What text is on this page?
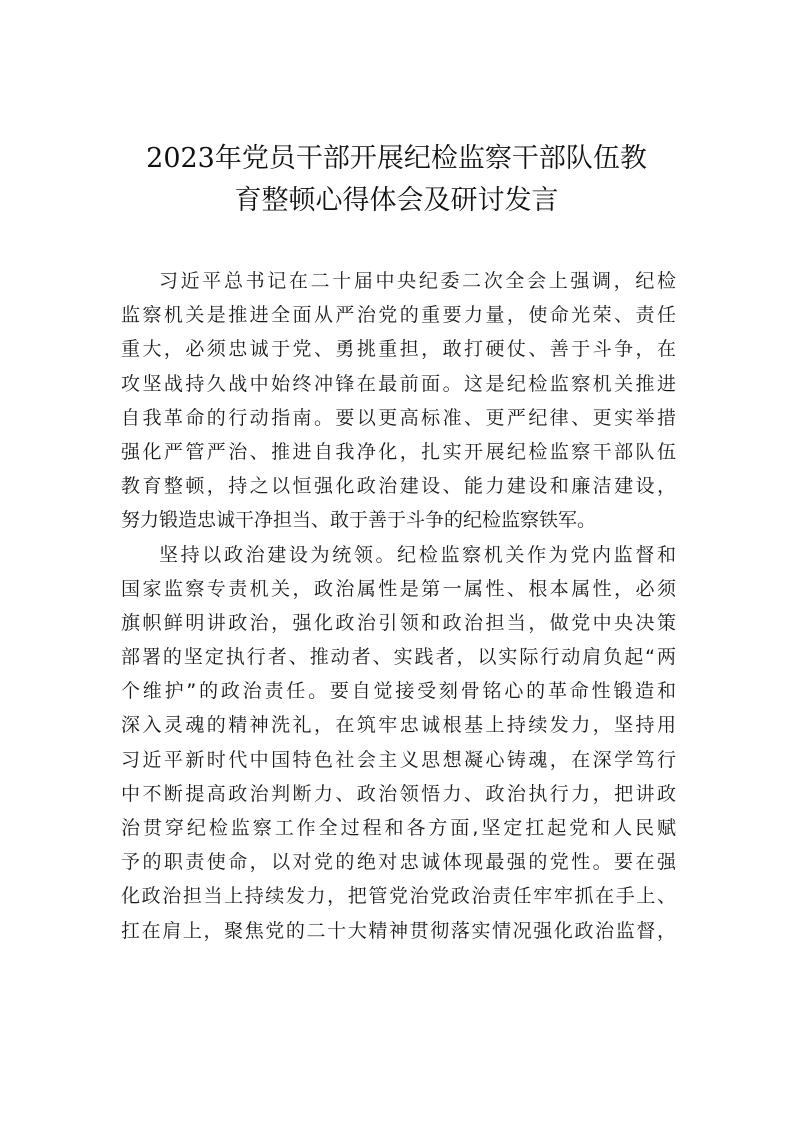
2023年党员干部开展纪检监察干部队伍教
育整顿心得体会及研讨发言
习近平总书记在二十届中央纪委二次全会上强调，纪检
监察机关是推进全面从严治党的重要力量，使命光荣、责任
重大，必须忠诚于党、勇挑重担，敢打硬仗、善于斗争，在
攻坚战持久战中始终冲锋在最前面。这是纪检监察机关推进
自我革命的行动指南。要以更高标准、更严纪律、更实举措
强化严管严治、推进自我净化，扎实开展纪检监察干部队伍
教育整顿，持之以恒强化政治建设、能力建设和廉洁建设，
努力锻造忠诚干净担当、敢于善于斗争的纪检监察铁军。
坚持以政治建设为统领。纪检监察机关作为党内监督和
国家监察专责机关，政治属性是第一属性、根本属性，必须
旗帜鲜明讲政治，强化政治引领和政治担当，做党中央决策
部署的坚定执行者、推动者、实践者，以实际行动肩负起“两
个维护”的政治责任。要自觉接受刻骨铭心的革命性锻造和
深入灵魂的精神洗礼，在筑牢忠诚根基上持续发力，坚持用
习近平新时代中国特色社会主义思想凝心铸魂，在深学笃行
中不断提高政治判断力、政治领悟力、政治执行力，把讲政
治贯穿纪检监察工作全过程和各方面,坚定扛起党和人民赋
予的职责使命，以对党的绝对忠诚体现最强的党性。要在强
化政治担当上持续发力，把管党治党政治责任牢牢抓在手上、
扛在肩上，聚焦党的二十大精神贯彻落实情况强化政治监督，
